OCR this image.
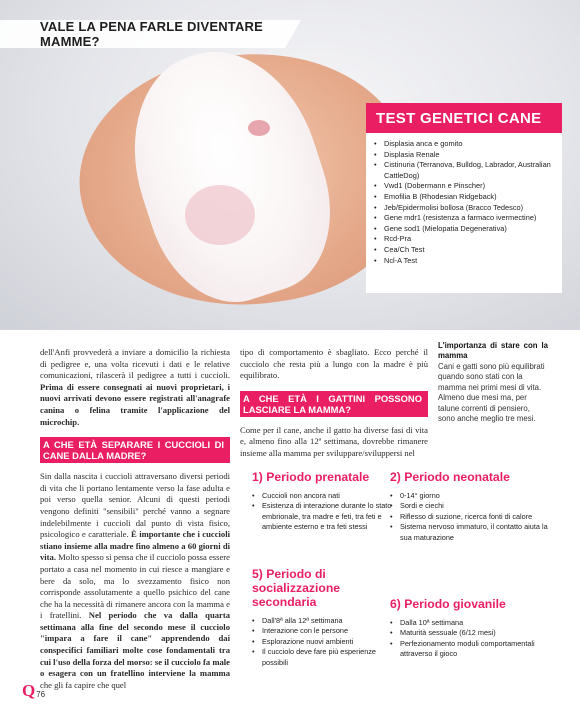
VALE LA PENA FARLE DIVENTARE MAMME?
TEST GENETICI CANE
• Displasia anca e gomito
• Displasia Renale
• Cistinuria (Terranova, Bulldog, Labrador, Australian CattleDog)
• Vwd1 (Dobermann e Pinscher)
• Emofilia B (Rhodesian Ridgeback)
• Jeb/Epidermolisi bollosa (Bracco Tedesco)
• Gene mdr1 (resistenza a farmaco ivermectine)
• Gene sod1 (Mielopatia Degenerativa)
• Rcd-Pra
• Cea/Ch Test
• Ncl-A Test

dell'Anfi provvederà a inviare a domicilio la richiesta di pedigree e, una volta ricevuti i dati e le relative comunicazioni, rilascerà il pedigree a tutti i cuccioli. Prima di essere consegnati ai nuovi proprietari, i nuovi arrivati devono essere registrati all'anagrafe canina o felina tramite l'applicazione del microchip.

A CHE ETÀ SEPARARE I CUCCIOLI DI CANE DALLA MADRE?

Sin dalla nascita i cuccioli attraversano diversi periodi di vita che li portano lentamente verso la fase adulta e poi verso quella senior. Alcuni di questi periodi vengono definiti "sensibili" perché vanno a segnare indelebilmente i cuccioli dal punto di vista fisico, psicologico e caratteriale. È importante che i cuccioli stiano insieme alla madre fino almeno a 60 giorni di vita. Molto spesso si pensa che il cucciolo possa essere portato a casa nel momento in cui riesce a mangiare e bere da solo, ma lo svezzamento fisico non corrisponde assolutamente a quello psichico del cane che ha la necessità di rimanere ancora con la mamma e i fratellini. Nel periodo che va dalla quarta settimana alla fine del secondo mese il cucciolo "impara a fare il cane" apprendendo dai conspecifici familiari molte cose fondamentali tra cui l'uso della forza del morso: se il cucciolo fa male o esagera con un fratellino interviene la mamma che gli fa capire che quel

tipo di comportamento è sbagliato. Ecco perché il cucciolo che resta più a lungo con la madre è più equilibrato.

A CHE ETÀ I GATTINI POSSONO LASCIARE LA MAMMA?

Come per il cane, anche il gatto ha diverse fasi di vita e, almeno fino alla 12ª settimana, dovrebbe rimanere insieme alla mamma per sviluppare/sviluppersi nel

L'importanza di stare con la mamma
Cani e gatti sono più equilibrati quando sono stati con la mamma nei primi mesi di vita. Almeno due mesi ma, per talune correnti di pensiero, sono anche meglio tre mesi.
1) Periodo prenatale
• Cuccioli non ancora nati
• Esistenza di interazione durante lo stato embrionale, tra madre e feti, tra feti e ambiente esterno e tra feti stessi
2) Periodo neonatale
• 0-14° giorno
• Sordi e ciechi
• Riflesso di suzione, ricerca fonti di calore
• Sistema nervoso immaturo, il contatto aiuta la sua maturazione
5) Periodo di socializzazione
secondaria
• Dall'8ª alla 12ª settimana
• Interazione con le persone
• Esplorazione nuovi ambienti
• Il cucciolo deve fare più esperienze possibili
6) Periodo giovanile
• Dalla 10ª settimana
• Maturità sessuale (6/12 mesi)
• Perfezionamento moduli comportamentali attraverso il gioco
Q 76
